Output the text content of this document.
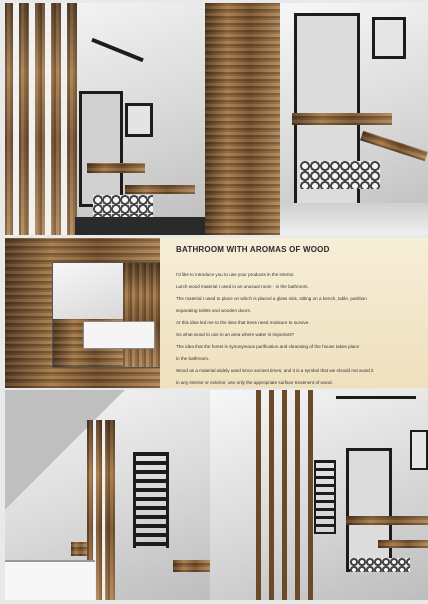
BATHROOM WITH AROMAS OF WOOD

I'd like to introduce you to use your products in the interior.

Larch wood material I used in an unusual room - in the bathroom.

The material I used to place on which is placed a glass sink, sitting on a bench, table, partition

separating toilets and wooden doors.

At this idea led me to the idea that trees need moisture to survive.

So what wood to use in an area where water is important?

The idea that the forest is synonymous purification and cleansing of the house takes place

in the bathroom.

Wood as a material widely used since ancient times, and it is a symbol that we should not avoid it

in any interior or exterior, use only the appropriate surface treatment of wood.
